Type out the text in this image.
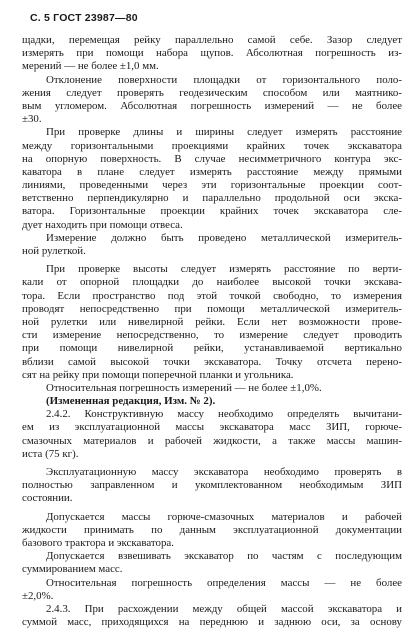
С. 5 ГОСТ 23987—80
щадки, перемещая рейку параллельно самой себе. Зазор следует
измерять при помощи набора щупов. Абсолютная погрешность из-
мерений — не более ±1,0 мм.
Отклонение поверхности площадки от горизонтального поло-
жения следует проверять геодезическим способом или маятнико-
вым угломером. Абсолютная погрешность измерений — не более
±30.
При проверке длины и ширины следует измерять расстояние
между горизонтальными проекциями крайних точек экскаватора
на опорную поверхность. В случае несимметричного контура экс-
каватора в плане следует измерять расстояние между прямыми
линиями, проведенными через эти горизонтальные проекции соот-
ветственно перпендикулярно и параллельно продольной оси экска-
ватора. Горизонтальные проекции крайних точек экскаватора сле-
дует находить при помощи отвеса.
Измерение должно быть проведено металлической измеритель-
ной рулеткой.
При проверке высоты следует измерять расстояние по верти-
кали от опорной площадки до наиболее высокой точки экскава-
тора. Если пространство под этой точкой свободно, то измерения
проводят непосредственно при помощи металлической измеритель-
ной рулетки или нивелирной рейки. Если нет возможности прове-
сти измерение непосредственно, то измерение следует проводить
при помощи нивелирной рейки, устанавливаемой вертикально
вблизи самой высокой точки экскаватора. Точку отсчета перено-
сят на рейку при помощи поперечной планки и угольника.
Относительная погрешность измерений — не более ±1,0%.
(Измененная редакция, Изм. № 2).
2.4.2. Конструктивную массу необходимо определять вычитани-
ем из эксплуатационной массы экскаватора масс ЗИП, горюче-
смазочных материалов и рабочей жидкости, а также массы машин-
иста (75 кг).
Эксплуатационную массу экскаватора необходимо проверять в
полностью заправленном и укомплектованном необходимым ЗИП
состоянии.
Допускается массы горюче-смазочных материалов и рабочей
жидкости принимать по данным эксплуатационной документации
базового трактора и экскаватора.
Допускается взвешивать экскаватор по частям с последующим
суммированием масс.
Относительная погрешность определения массы — не более
±2,0%.
2.4.3. При расхождении между общей массой экскаватора и
суммой масс, приходящихся на переднюю и заднюю оси, за основу
